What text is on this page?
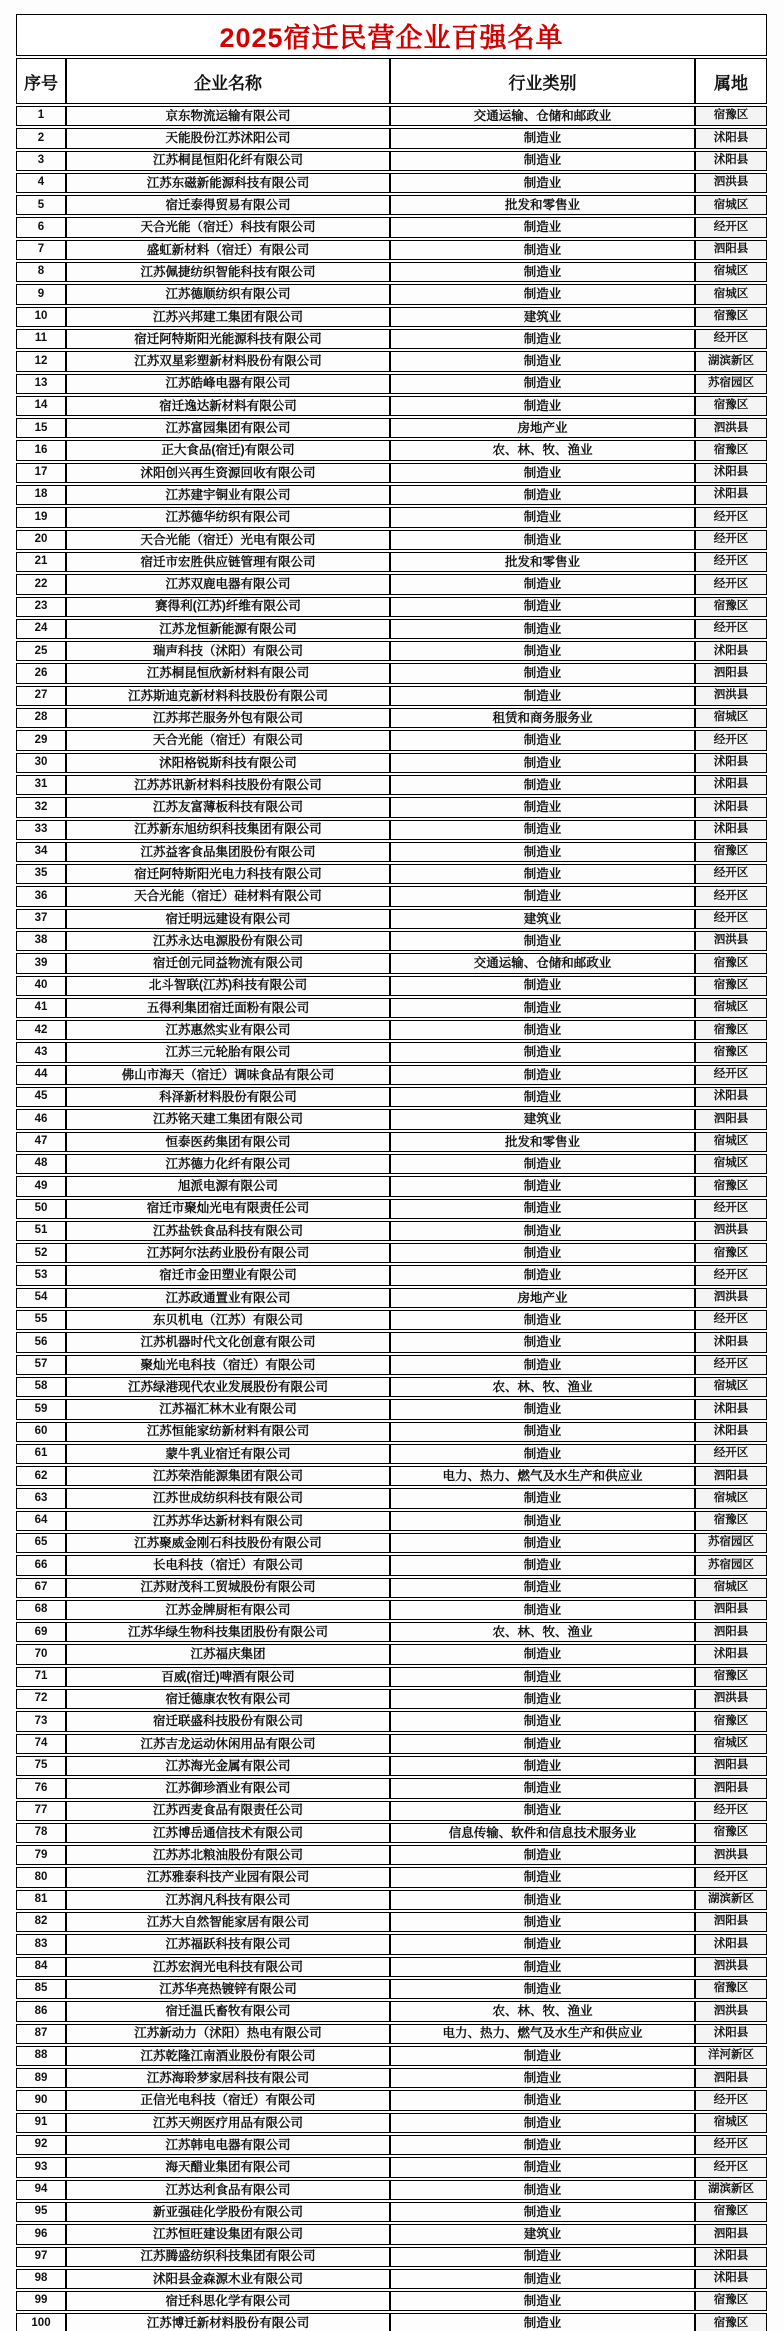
2025宿迁民营企业百强名单			
序号	企业名称	行业类别	属地
1	京东物流运输有限公司	交通运输、仓储和邮政业	宿豫区
2	天能股份江苏沭阳公司	制造业	沭阳县
3	江苏桐昆恒阳化纤有限公司	制造业	沭阳县
4	江苏东磁新能源科技有限公司	制造业	泗洪县
5	宿迁泰得贸易有限公司	批发和零售业	宿城区
6	天合光能（宿迁）科技有限公司	制造业	经开区
7	盛虹新材料（宿迁）有限公司	制造业	泗阳县
8	江苏佩捷纺织智能科技有限公司	制造业	宿城区
9	江苏德顺纺织有限公司	制造业	宿城区
10	江苏兴邦建工集团有限公司	建筑业	宿豫区
11	宿迁阿特斯阳光能源科技有限公司	制造业	经开区
12	江苏双星彩塑新材料股份有限公司	制造业	湖滨新区
13	江苏皓峰电器有限公司	制造业	苏宿园区
14	宿迁逸达新材料有限公司	制造业	宿豫区
15	江苏富园集团有限公司	房地产业	泗洪县
16	正大食品(宿迁)有限公司	农、林、牧、渔业	宿豫区
17	沭阳创兴再生资源回收有限公司	制造业	沭阳县
18	江苏建宇铜业有限公司	制造业	沭阳县
19	江苏德华纺织有限公司	制造业	经开区
20	天合光能（宿迁）光电有限公司	制造业	经开区
21	宿迁市宏胜供应链管理有限公司	批发和零售业	经开区
22	江苏双鹿电器有限公司	制造业	经开区
23	赛得利(江苏)纤维有限公司	制造业	宿豫区
24	江苏龙恒新能源有限公司	制造业	经开区
25	瑞声科技（沭阳）有限公司	制造业	沭阳县
26	江苏桐昆恒欣新材料有限公司	制造业	泗阳县
27	江苏斯迪克新材料科技股份有限公司	制造业	泗洪县
28	江苏邦芒服务外包有限公司	租赁和商务服务业	宿城区
29	天合光能（宿迁）有限公司	制造业	经开区
30	沭阳格锐斯科技有限公司	制造业	沭阳县
31	江苏苏讯新材料科技股份有限公司	制造业	沭阳县
32	江苏友富薄板科技有限公司	制造业	沭阳县
33	江苏新东旭纺织科技集团有限公司	制造业	沭阳县
34	江苏益客食品集团股份有限公司	制造业	宿豫区
35	宿迁阿特斯阳光电力科技有限公司	制造业	经开区
36	天合光能（宿迁）硅材料有限公司	制造业	经开区
37	宿迁明远建设有限公司	建筑业	经开区
38	江苏永达电源股份有限公司	制造业	泗洪县
39	宿迁创元同益物流有限公司	交通运输、仓储和邮政业	宿豫区
40	北斗智联(江苏)科技有限公司	制造业	宿豫区
41	五得利集团宿迁面粉有限公司	制造业	宿城区
42	江苏惠然实业有限公司	制造业	宿豫区
43	江苏三元轮胎有限公司	制造业	宿豫区
44	佛山市海天（宿迁）调味食品有限公司	制造业	经开区
45	科泽新材料股份有限公司	制造业	沭阳县
46	江苏铭天建工集团有限公司	建筑业	泗阳县
47	恒泰医药集团有限公司	批发和零售业	宿城区
48	江苏德力化纤有限公司	制造业	宿城区
49	旭派电源有限公司	制造业	宿豫区
50	宿迁市聚灿光电有限责任公司	制造业	经开区
51	江苏盐铁食品科技有限公司	制造业	泗洪县
52	江苏阿尔法药业股份有限公司	制造业	宿豫区
53	宿迁市金田塑业有限公司	制造业	经开区
54	江苏政通置业有限公司	房地产业	泗洪县
55	东贝机电（江苏）有限公司	制造业	经开区
56	江苏机器时代文化创意有限公司	制造业	沭阳县
57	聚灿光电科技（宿迁）有限公司	制造业	经开区
58	江苏绿港现代农业发展股份有限公司	农、林、牧、渔业	宿城区
59	江苏福汇林木业有限公司	制造业	沭阳县
60	江苏恒能家纺新材料有限公司	制造业	沭阳县
61	蒙牛乳业宿迁有限公司	制造业	经开区
62	江苏荣浩能源集团有限公司	电力、热力、燃气及水生产和供应业	泗阳县
63	江苏世成纺织科技有限公司	制造业	宿城区
64	江苏苏华达新材料有限公司	制造业	宿豫区
65	江苏聚威金刚石科技股份有限公司	制造业	苏宿园区
66	长电科技（宿迁）有限公司	制造业	苏宿园区
67	江苏财茂科工贸城股份有限公司	制造业	宿城区
68	江苏金牌厨柜有限公司	制造业	泗阳县
69	江苏华绿生物科技集团股份有限公司	农、林、牧、渔业	泗阳县
70	江苏福庆集团	制造业	沭阳县
71	百威(宿迁)啤酒有限公司	制造业	宿豫区
72	宿迁德康农牧有限公司	制造业	泗洪县
73	宿迁联盛科技股份有限公司	制造业	宿豫区
74	江苏吉龙运动休闲用品有限公司	制造业	宿城区
75	江苏海光金属有限公司	制造业	泗阳县
76	江苏御珍酒业有限公司	制造业	泗阳县
77	江苏西麦食品有限责任公司	制造业	经开区
78	江苏博岳通信技术有限公司	信息传输、软件和信息技术服务业	宿豫区
79	江苏苏北粮油股份有限公司	制造业	泗洪县
80	江苏雅泰科技产业园有限公司	制造业	经开区
81	江苏润凡科技有限公司	制造业	湖滨新区
82	江苏大自然智能家居有限公司	制造业	泗阳县
83	江苏福跃科技有限公司	制造业	沭阳县
84	江苏宏润光电科技有限公司	制造业	泗洪县
85	江苏华亮热镀锌有限公司	制造业	宿豫区
86	宿迁温氏畜牧有限公司	农、林、牧、渔业	泗洪县
87	江苏新动力（沭阳）热电有限公司	电力、热力、燃气及水生产和供应业	沭阳县
88	江苏乾隆江南酒业股份有限公司	制造业	洋河新区
89	江苏海聆梦家居科技有限公司	制造业	泗阳县
90	正信光电科技（宿迁）有限公司	制造业	经开区
91	江苏天朔医疗用品有限公司	制造业	宿城区
92	江苏韩电电器有限公司	制造业	经开区
93	海天醋业集团有限公司	制造业	经开区
94	江苏达利食品有限公司	制造业	湖滨新区
95	新亚强硅化学股份有限公司	制造业	宿豫区
96	江苏恒旺建设集团有限公司	建筑业	泗阳县
97	江苏腾盛纺织科技集团有限公司	制造业	沭阳县
98	沭阳县金森源木业有限公司	制造业	沭阳县
99	宿迁科思化学有限公司	制造业	宿豫区
100	江苏博迁新材料股份有限公司	制造业	宿豫区
